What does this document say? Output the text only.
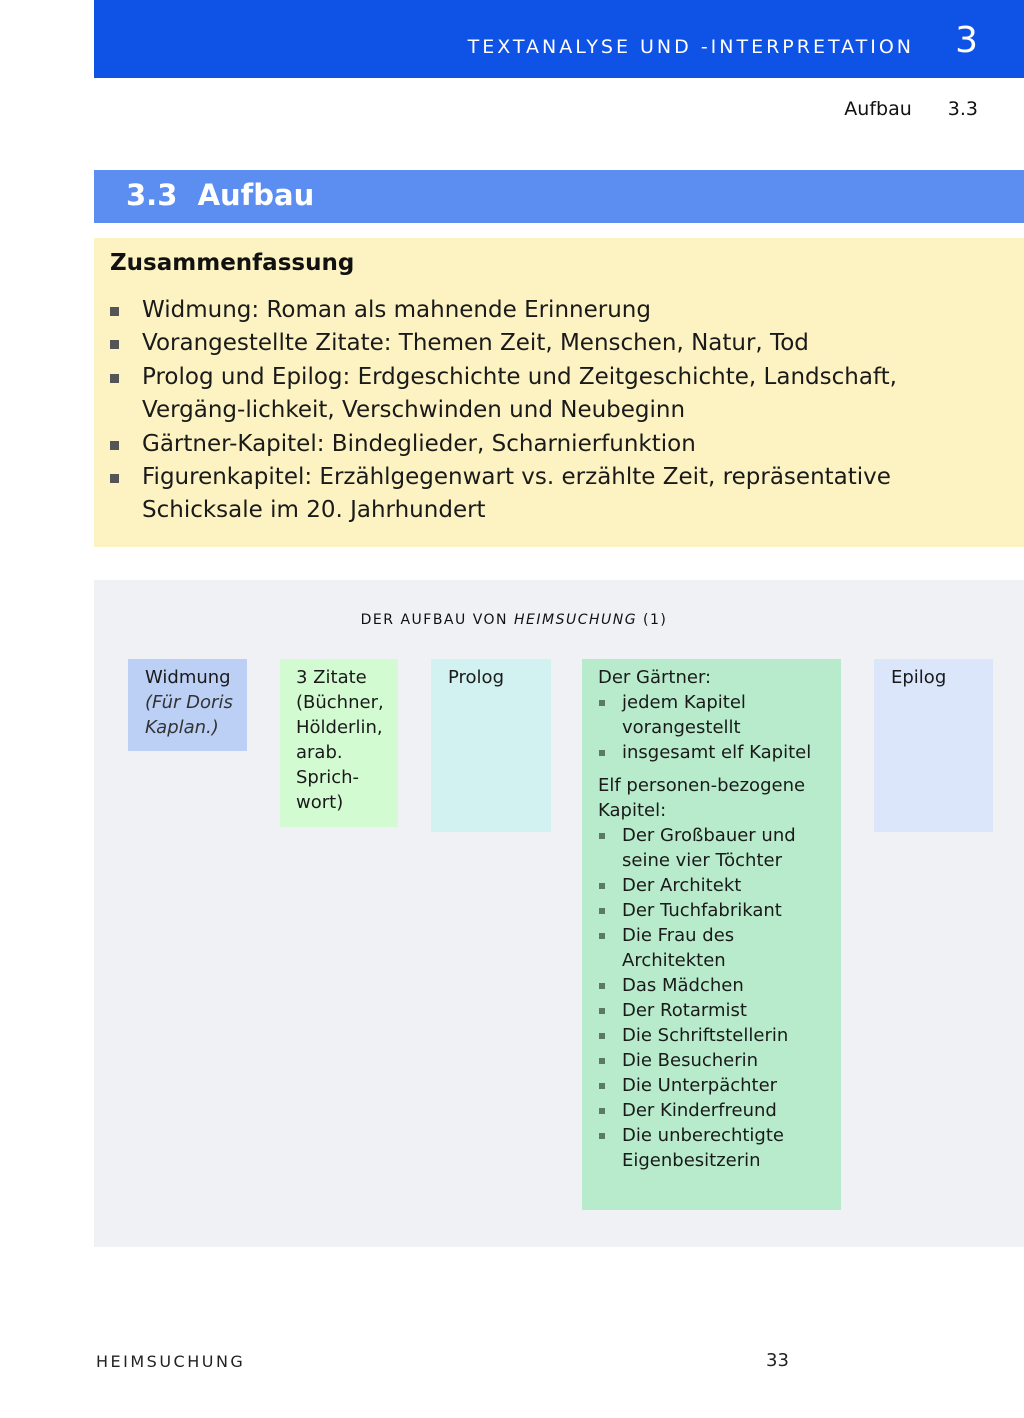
TEXTANALYSE UND -INTERPRETATION 3
Aufbau 3.3
3.3  Aufbau
Zusammenfassung
Widmung: Roman als mahnende Erinnerung
Vorangestellte Zitate: Themen Zeit, Menschen, Natur, Tod
Prolog und Epilog: Erdgeschichte und Zeitgeschichte, Landschaft, Vergäng-lichkeit, Verschwinden und Neubeginn
Gärtner-Kapitel: Bindeglieder, Scharnierfunktion
Figurenkapitel: Erzählgegenwart vs. erzählte Zeit, repräsentative Schicksale im 20. Jahrhundert
DER AUFBAU VON HEIMSUCHUNG (1)
Widmung
(Für Doris Kaplan.)
3 Zitate (Büchner, Hölderlin, arab. Sprich-wort)
Prolog	Der Gärtner:
jedem Kapitel vorangestellt
insgesamt elf Kapitel
Elf personen-bezogene Kapitel:
Der Großbauer und seine vier Töchter
Der Architekt
Der Tuchfabrikant
Die Frau des Architekten
Das Mädchen
Der Rotarmist
Die Schriftstellerin
Die Besucherin
Die Unterpächter
Der Kinderfreund
Die unberechtigte Eigenbesitzerin
Epilog
HEIMSUCHUNG	33
